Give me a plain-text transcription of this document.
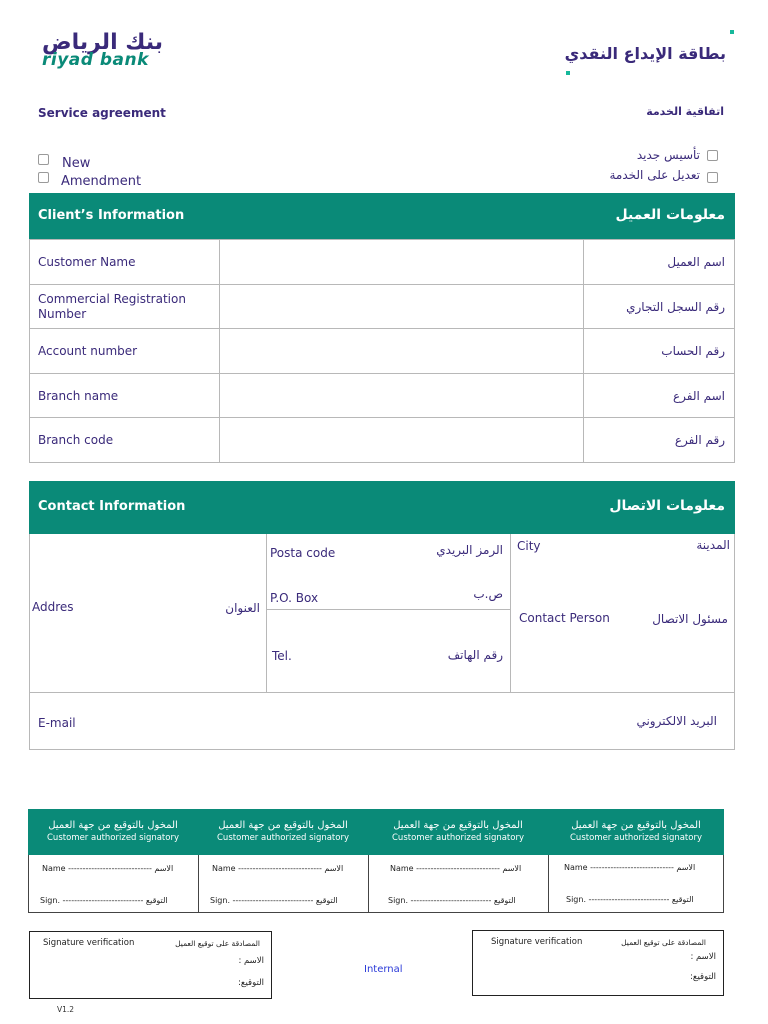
بنك الرياض
riyad bank	بطاقة الإيداع النقدي
Service agreement	اتفاقية الخدمة
New
Amendment
تأسيس جديد
تعديل على الخدمة
Client’s Information	معلومات العميل
Customer Name		اسم العميل
Commercial Registration Number		رقم السجل التجاري
Account number		رقم الحساب
Branch name		اسم الفرع
Branch code		رقم الفرع
Contact Information	معلومات الاتصال
Addres	العنوان
Posta code	الرمز البريدي
P.O. Box	ص.ب
Tel.	رقم الهاتف
City	المدينة
Contact Person	مسئول الاتصال
E-mail	البريد الالكتروني
المخول بالتوقيع من جهة العميل
Customer authorized signatory
المخول بالتوقيع من جهة العميل
Customer authorized signatory
المخول بالتوقيع من جهة العميل
Customer authorized signatory
المخول بالتوقيع من جهة العميل
Customer authorized signatory
Name ----------------------------- الاسم
Sign. ---------------------------- التوقيع
Name ----------------------------- الاسم
Sign. ---------------------------- التوقيع
Name ----------------------------- الاسم
Sign. ---------------------------- التوقيع
Name ----------------------------- الاسم
Sign. ---------------------------- التوقيع
Signature verification	المصادقة على توقيع العميل
الاسم :
التوقيع:
Internal
Signature verification	المصادقة على توقيع العميل
الاسم :
التوقيع:
V1.2
